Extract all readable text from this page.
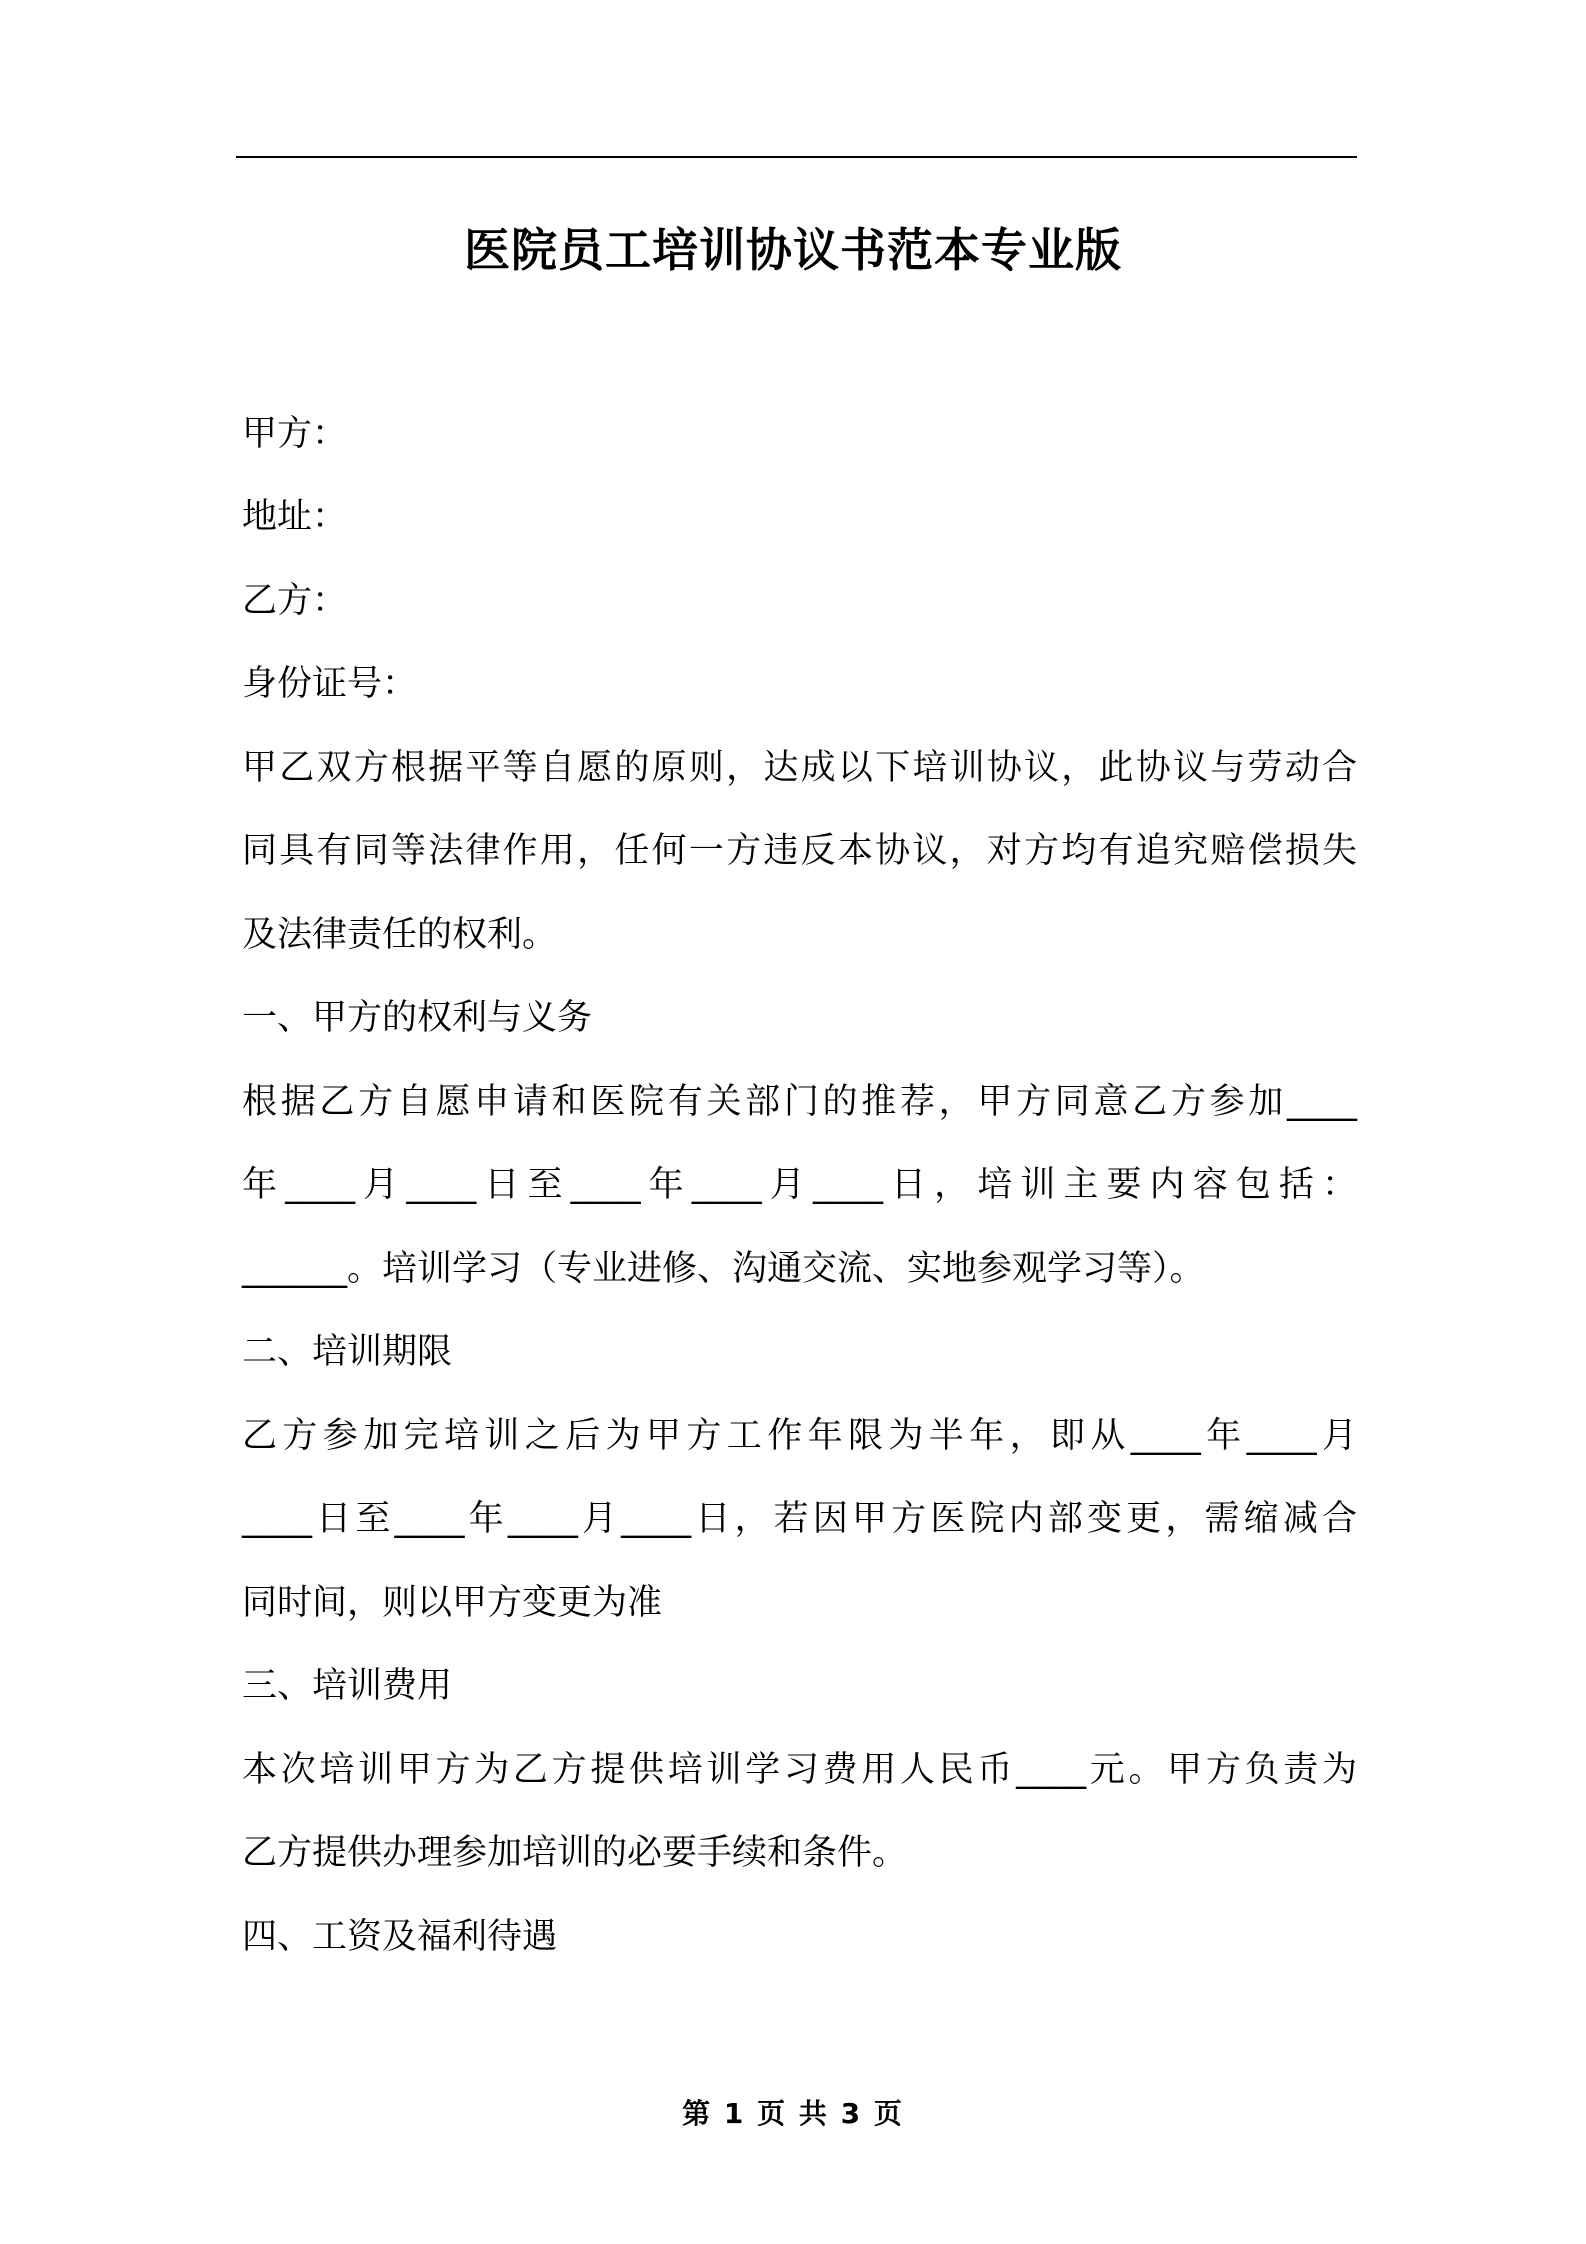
医院员工培训协议书范本专业版
甲方：
地址：
乙方：
身份证号：
甲乙双方根据平等自愿的原则，达成以下培训协议，此协议与劳动合
同具有同等法律作用，任何一方违反本协议，对方均有追究赔偿损失
及法律责任的权利。
一、甲方的权利与义务
根据乙方自愿申请和医院有关部门的推荐，甲方同意乙方参加____
年____月____日至____年____月____日，培训主要内容包括：
______。培训学习（专业进修、沟通交流、实地参观学习等）。
二、培训期限
乙方参加完培训之后为甲方工作年限为半年，即从____年____月
____日至____年____月____日，若因甲方医院内部变更，需缩减合
同时间，则以甲方变更为准
三、培训费用
本次培训甲方为乙方提供培训学习费用人民币____元。甲方负责为
乙方提供办理参加培训的必要手续和条件。
四、工资及福利待遇
第 1 页 共 3 页
